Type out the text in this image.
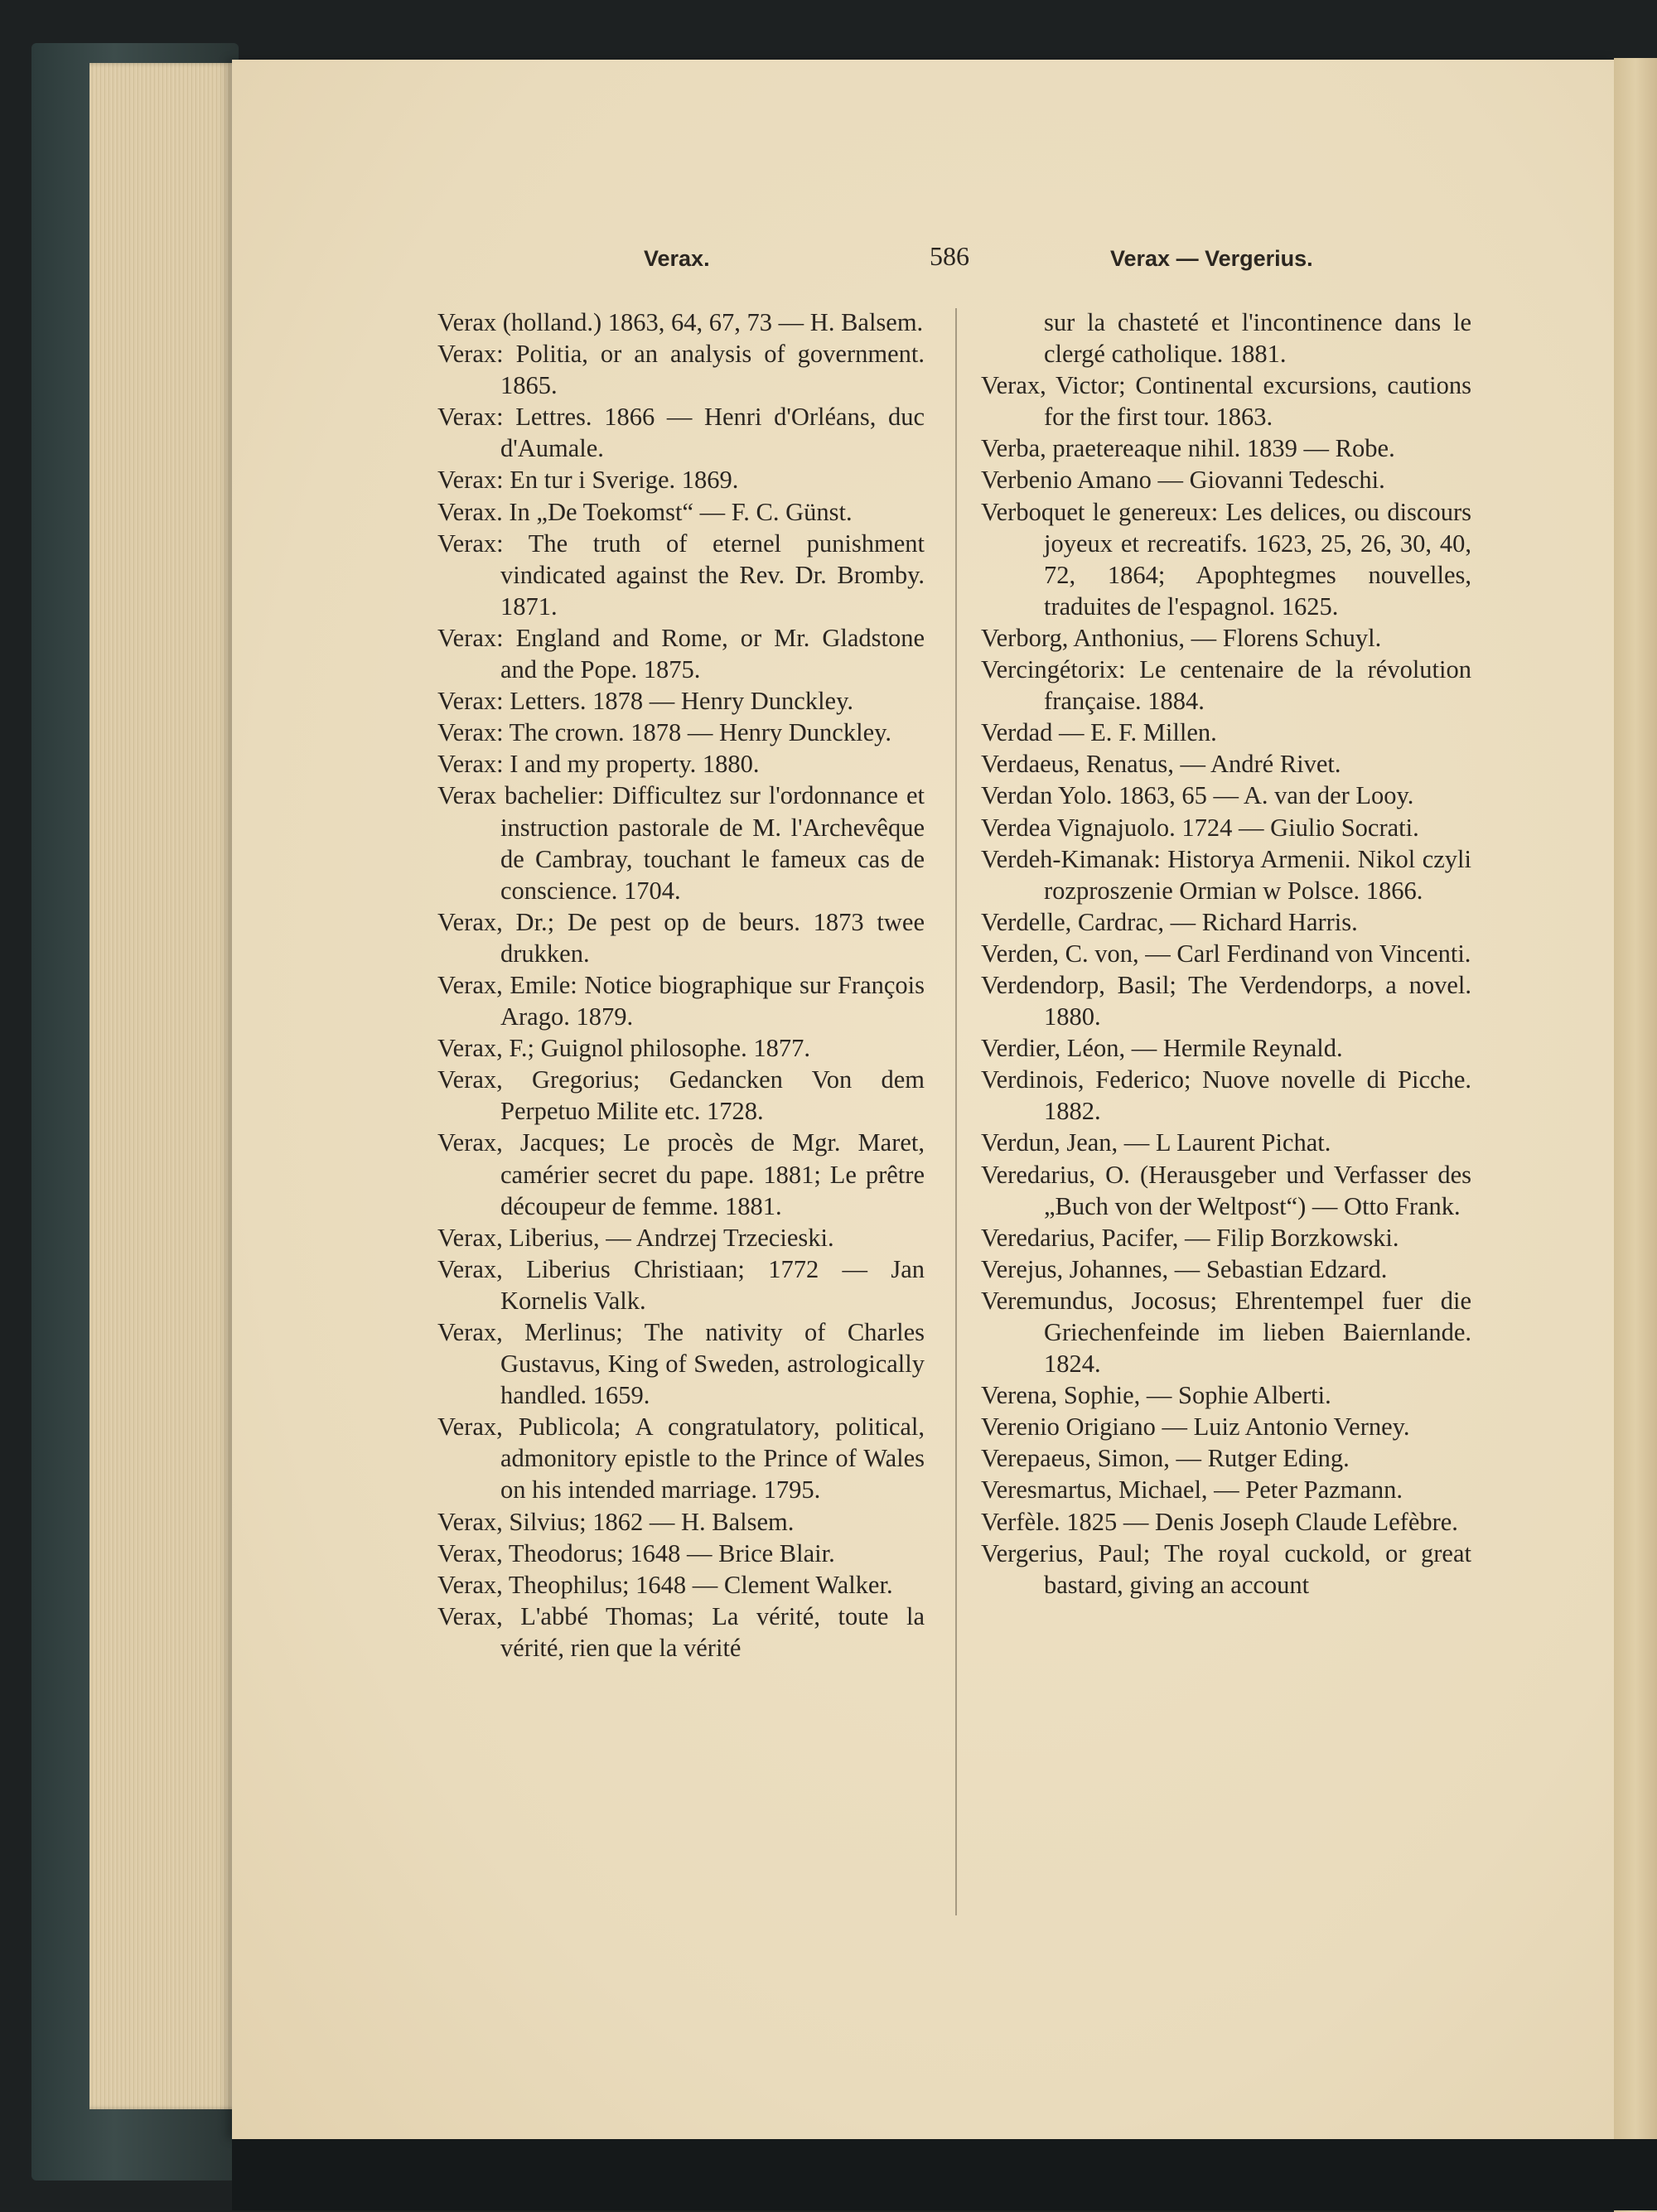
Verax.	586	Verax — Vergerius.

Verax (holland.) 1863, 64, 67, 73 — H. Balsem.

Verax: Politia, or an analysis of government. 1865.

Verax: Lettres. 1866 — Henri d'Orléans, duc d'Aumale.

Verax: En tur i Sverige. 1869.

Verax. In „De Toekomst“ — F. C. Günst.

Verax: The truth of eternel punishment vindicated against the Rev. Dr. Bromby. 1871.

Verax: England and Rome, or Mr. Gladstone and the Pope. 1875.

Verax: Letters. 1878 — Henry Dunckley.

Verax: The crown. 1878 — Henry Dunckley.

Verax: I and my property. 1880.

Verax bachelier: Difficultez sur l'ordonnance et instruction pastorale de M. l'Archevêque de Cambray, touchant le fameux cas de conscience. 1704.

Verax, Dr.; De pest op de beurs. 1873 twee drukken.

Verax, Emile: Notice biographique sur François Arago. 1879.

Verax, F.; Guignol philosophe. 1877.

Verax, Gregorius; Gedancken Von dem Perpetuo Milite etc. 1728.

Verax, Jacques; Le procès de Mgr. Maret, camérier secret du pape. 1881; Le prêtre découpeur de femme. 1881.

Verax, Liberius, — Andrzej Trzecieski.

Verax, Liberius Christiaan; 1772 — Jan Kornelis Valk.

Verax, Merlinus; The nativity of Charles Gustavus, King of Sweden, astrologically handled. 1659.

Verax, Publicola; A congratulatory, political, admonitory epistle to the Prince of Wales on his intended marriage. 1795.

Verax, Silvius; 1862 — H. Balsem.

Verax, Theodorus; 1648 — Brice Blair.

Verax, Theophilus; 1648 — Clement Walker.

Verax, L'abbé Thomas; La vérité, toute la vérité, rien que la vérité

sur la chasteté et l'incontinence dans le clergé catholique. 1881.

Verax, Victor; Continental excursions, cautions for the first tour. 1863.

Verba, praetereaque nihil. 1839 — Robe.

Verbenio Amano — Giovanni Tedeschi.

Verboquet le genereux: Les delices, ou discours joyeux et recreatifs. 1623, 25, 26, 30, 40, 72, 1864; Apophtegmes nouvelles, traduites de l'espagnol. 1625.

Verborg, Anthonius, — Florens Schuyl.

Vercingétorix: Le centenaire de la révolution française. 1884.

Verdad — E. F. Millen.

Verdaeus, Renatus, — André Rivet.

Verdan Yolo. 1863, 65 — A. van der Looy.

Verdea Vignajuolo. 1724 — Giulio Socrati.

Verdeh-Kimanak: Historya Armenii. Nikol czyli rozproszenie Ormian w Polsce. 1866.

Verdelle, Cardrac, — Richard Harris.

Verden, C. von, — Carl Ferdinand von Vincenti.

Verdendorp, Basil; The Verdendorps, a novel. 1880.

Verdier, Léon, — Hermile Reynald.

Verdinois, Federico; Nuove novelle di Picche. 1882.

Verdun, Jean, — L Laurent Pichat.

Veredarius, O. (Herausgeber und Verfasser des „Buch von der Weltpost“) — Otto Frank.

Veredarius, Pacifer, — Filip Borzkowski.

Verejus, Johannes, — Sebastian Edzard.

Veremundus, Jocosus; Ehrentempel fuer die Griechenfeinde im lieben Baiernlande. 1824.

Verena, Sophie, — Sophie Alberti.

Verenio Origiano — Luiz Antonio Verney.

Verepaeus, Simon, — Rutger Eding.

Veresmartus, Michael, — Peter Pazmann.

Verfèle. 1825 — Denis Joseph Claude Lefèbre.

Vergerius, Paul; The royal cuckold, or great bastard, giving an account
